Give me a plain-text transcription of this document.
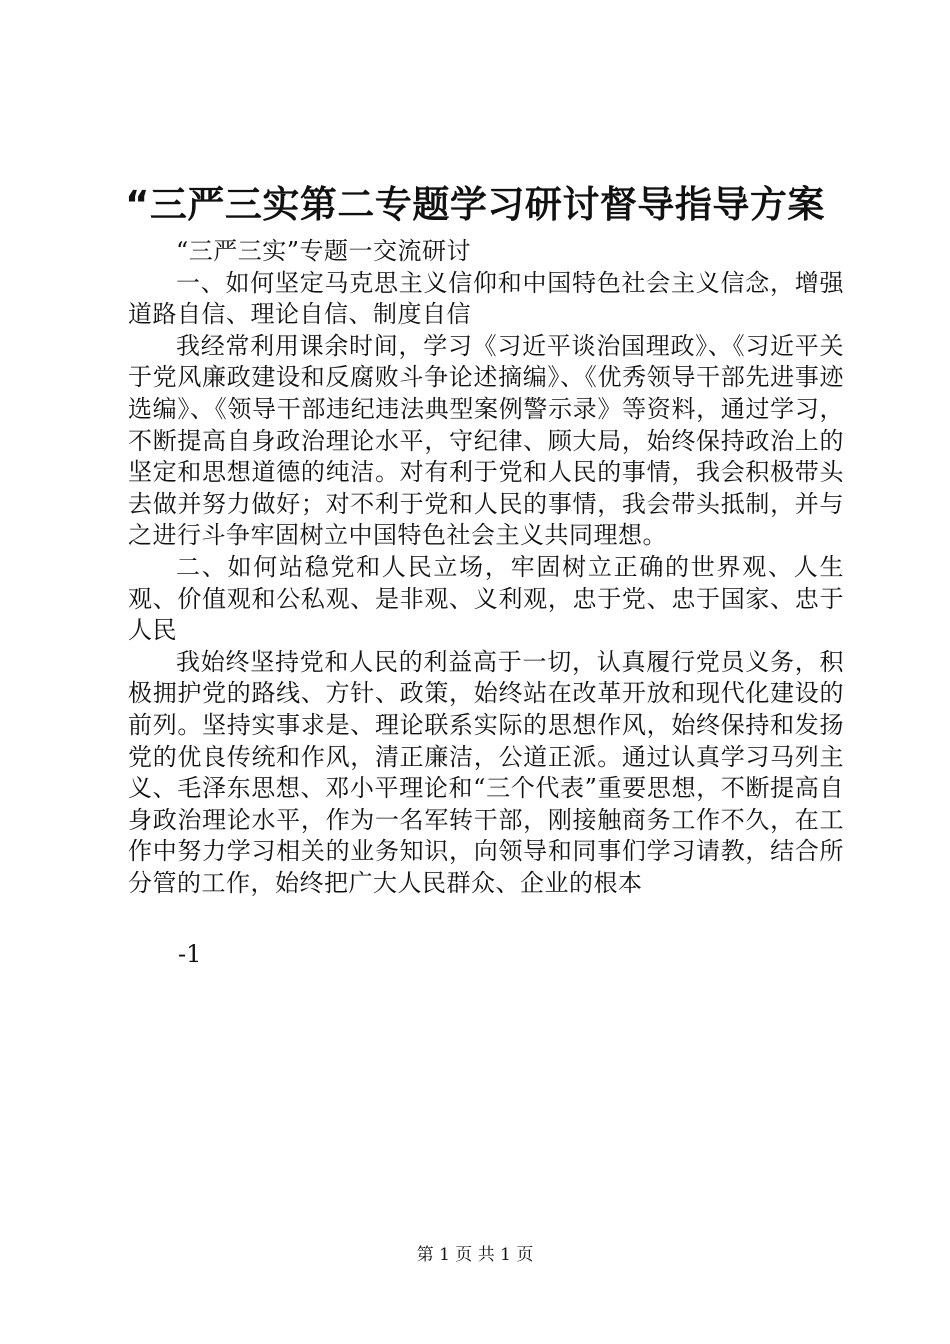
“三严三实第二专题学习研讨督导指导方案

“三严三实”专题一交流研讨

一、如何坚定马克思主义信仰和中国特色社会主义信念，增强道路自信、理论自信、制度自信

我经常利用课余时间，学习《习近平谈治国理政》、《习近平关于党风廉政建设和反腐败斗争论述摘编》、《优秀领导干部先进事迹选编》、《领导干部违纪违法典型案例警示录》等资料，通过学习，不断提高自身政治理论水平，守纪律、顾大局，始终保持政治上的坚定和思想道德的纯洁。对有利于党和人民的事情，我会积极带头去做并努力做好；对不利于党和人民的事情，我会带头抵制，并与之进行斗争牢固树立中国特色社会主义共同理想。

二、如何站稳党和人民立场，牢固树立正确的世界观、人生观、价值观和公私观、是非观、义利观，忠于党、忠于国家、忠于人民

我始终坚持党和人民的利益高于一切，认真履行党员义务，积极拥护党的路线、方针、政策，始终站在改革开放和现代化建设的前列。坚持实事求是、理论联系实际的思想作风，始终保持和发扬党的优良传统和作风，清正廉洁，公道正派。通过认真学习马列主义、毛泽东思想、邓小平理论和“三个代表”重要思想，不断提高自身政治理论水平，作为一名军转干部，刚接触商务工作不久，在工作中努力学习相关的业务知识，向领导和同事们学习请教，结合所分管的工作，始终把广大人民群众、企业的根本

-1
第 1 页 共 1 页
